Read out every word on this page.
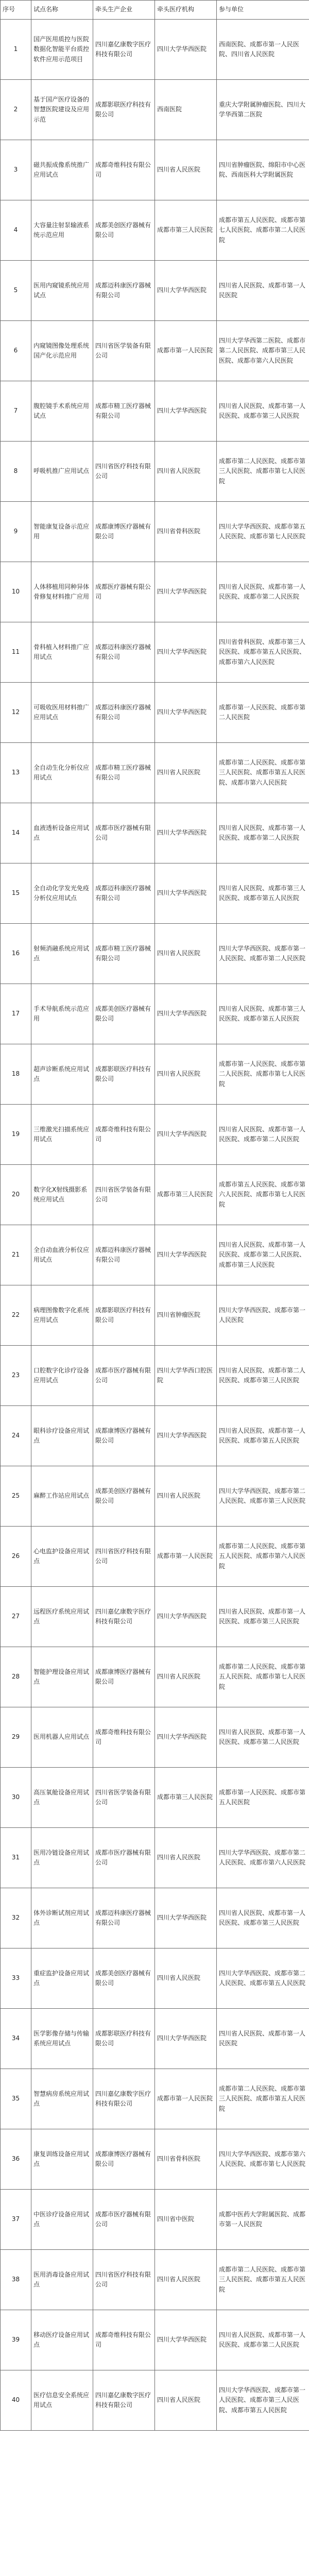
序号	试点名称	牵头生产企业	牵头医疗机构	参与单位
1	国产医用质控与医院数据化智能平台质控软件应用示范项目	四川嘉亿康数字医疗科技有限公司	四川大学华西医院	西南医院、成都市第一人民医院、四川省人民医院
2	基于国产医疗设备的智慧医院建设及应用示范	成都影联医疗科技有限公司	西南医院	重庆大学附属肿瘤医院、四川大学华西第二医院
3	磁共振成像系统推广应用试点	成都奇维科技有限公司	四川省人民医院	四川省肿瘤医院、绵阳市中心医院、西南医科大学附属医院
4	大容量注射泵输液系统示范应用	成都美创医疗器械有限公司	成都市第三人民医院	成都市第五人民医院、成都市第七人民医院、成都市第二人民医院
5	医用内窥镜系统应用试点	成都迈科康医疗器械有限公司	四川大学华西医院	四川省人民医院、成都市第一人民医院
6	内窥镜图像处理系统国产化示范应用	四川省医学装备有限公司	成都市第一人民医院	四川大学华西第二医院、成都市第二人民医院、成都市第三人民医院、成都市第六人民医院
7	腹腔镜手术系统应用试点	成都市精工医疗器械有限公司	四川大学华西医院	四川省人民医院、成都市第一人民医院、成都市第三人民医院
8	呼吸机推广应用试点	四川省医疗科技有限公司	四川省人民医院	成都市第二人民医院、成都市第三人民医院、成都市第七人民医院
9	智能康复设备示范应用	成都康博医疗器械有限公司	四川省骨科医院	四川大学华西医院、成都市第五人民医院、成都市第七人民医院
10	人体移植用同种异体骨修复材料推广应用	成都医疗器械有限公司	四川大学华西医院	四川省人民医院、成都市第一人民医院、成都市第二人民医院
11	骨科植入材料推广应用试点	成都迈科康医疗器械有限公司	四川大学华西医院	四川省骨科医院、成都市第三人民医院、成都市第五人民医院、成都市第六人民医院
12	可吸收医用材料推广应用试点	成都迈科康医疗器械有限公司	四川大学华西医院	成都市第一人民医院、成都市第二人民医院
13	全自动生化分析仪应用试点	成都市精工医疗器械有限公司	四川省人民医院	成都市第二人民医院、成都市第三人民医院、成都市第五人民医院、成都市第六人民医院
14	血液透析设备应用试点	成都市医疗器械有限公司	四川大学华西医院	四川省人民医院、成都市第一人民医院、成都市第二人民医院
15	全自动化学发光免疫分析仪应用试点	成都迈科康医疗器械有限公司	四川大学华西医院	四川省人民医院、成都市第三人民医院、成都市第五人民医院
16	射频消融系统应用试点	成都市精工医疗器械有限公司	四川省人民医院	四川大学华西医院、成都市第一人民医院、成都市第二人民医院
17	手术导航系统示范应用	成都美创医疗器械有限公司	四川大学华西医院	四川省人民医院、成都市第三人民医院、成都市第五人民医院
18	超声诊断系统应用试点	成都影联医疗科技有限公司	四川省人民医院	成都市第一人民医院、成都市第二人民医院、成都市第七人民医院
19	三维激光扫描系统应用试点	成都奇维科技有限公司	四川大学华西医院	四川省人民医院、成都市第一人民医院、成都市第二人民医院
20	数字化X射线摄影系统应用试点	四川省医学装备有限公司	成都市第三人民医院	成都市第五人民医院、成都市第六人民医院、成都市第七人民医院
21	全自动血液分析仪应用试点	成都迈科康医疗器械有限公司	四川大学华西医院	四川省人民医院、成都市第一人民医院、成都市第二人民医院、成都市第三人民医院
22	病理图像数字化系统应用试点	成都影联医疗科技有限公司	四川省肿瘤医院	四川大学华西医院、成都市第一人民医院
23	口腔数字化诊疗设备应用试点	成都市医疗器械有限公司	四川大学华西口腔医院	四川省人民医院、成都市第二人民医院、成都市第三人民医院
24	眼科诊疗设备应用试点	成都康博医疗器械有限公司	四川大学华西医院	四川省人民医院、成都市第一人民医院、成都市第五人民医院
25	麻醉工作站应用试点	成都美创医疗器械有限公司	四川省人民医院	四川大学华西医院、成都市第二人民医院、成都市第三人民医院
26	心电监护设备应用试点	四川省医疗科技有限公司	成都市第一人民医院	成都市第二人民医院、成都市第五人民医院、成都市第六人民医院
27	远程医疗系统应用试点	四川嘉亿康数字医疗科技有限公司	四川大学华西医院	四川省人民医院、成都市第一人民医院、成都市第三人民医院
28	智能护理设备应用试点	成都康博医疗器械有限公司	四川省人民医院	成都市第二人民医院、成都市第五人民医院、成都市第七人民医院
29	医用机器人应用试点	成都奇维科技有限公司	四川大学华西医院	四川省人民医院、成都市第一人民医院、成都市第二人民医院
30	高压氧舱设备应用试点	四川省医学装备有限公司	成都市第三人民医院	成都市第一人民医院、成都市第五人民医院
31	医用冷链设备应用试点	成都市医疗器械有限公司	四川省人民医院	四川大学华西医院、成都市第二人民医院、成都市第六人民医院
32	体外诊断试剂应用试点	成都迈科康医疗器械有限公司	四川大学华西医院	四川省人民医院、成都市第一人民医院、成都市第三人民医院
33	重症监护设备应用试点	成都美创医疗器械有限公司	四川省人民医院	四川大学华西医院、成都市第二人民医院、成都市第五人民医院
34	医学影像存储与传输系统应用试点	成都影联医疗科技有限公司	四川大学华西医院	四川省人民医院、成都市第一人民医院
35	智慧病房系统应用试点	四川嘉亿康数字医疗科技有限公司	成都市第一人民医院	成都市第二人民医院、成都市第三人民医院、成都市第五人民医院
36	康复训练设备应用试点	成都康博医疗器械有限公司	四川省骨科医院	四川大学华西医院、成都市第六人民医院、成都市第七人民医院
37	中医诊疗设备应用试点	成都市医疗器械有限公司	四川省中医院	成都中医药大学附属医院、成都市第一人民医院
38	医用消毒设备应用试点	四川省医疗科技有限公司	四川省人民医院	成都市第二人民医院、成都市第三人民医院、成都市第五人民医院
39	移动医疗设备应用试点	成都奇维科技有限公司	四川大学华西医院	四川省人民医院、成都市第一人民医院、成都市第二人民医院
40	医疗信息安全系统应用试点	四川嘉亿康数字医疗科技有限公司	四川省人民医院	四川大学华西医院、成都市第一人民医院、成都市第三人民医院、成都市第五人民医院
